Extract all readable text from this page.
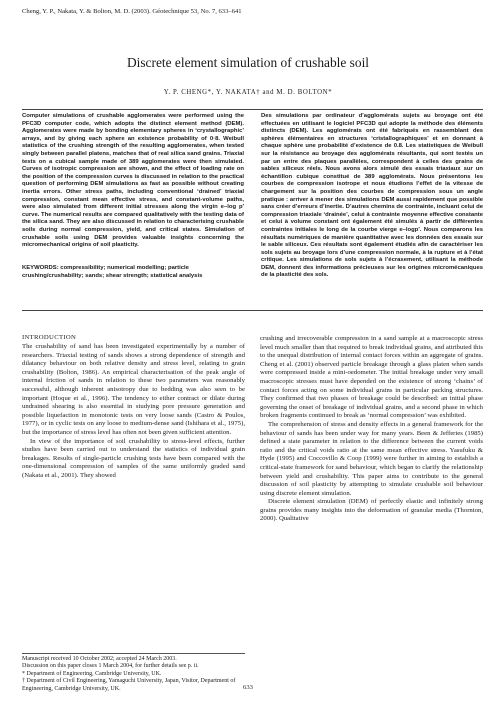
Cheng, Y. P., Nakata, Y. & Bolton, M. D. (2003). Géotechnique 53, No. 7, 633–641
Discrete element simulation of crushable soil
Y. P. CHENG*, Y. NAKATA† and M. D. BOLTON*

Computer simulations of crushable agglomerates were performed using the PFC3D computer code, which adopts the distinct element method (DEM). Agglomerates were made by bonding elementary spheres in ‘crystallographic’ arrays, and by giving each sphere an existence probability of 0·8. Weibull statistics of the crushing strength of the resulting agglomerates, when tested singly between parallel platens, matches that of real silica sand grains. Triaxial tests on a cubical sample made of 389 agglomerates were then simulated. Curves of isotropic compression are shown, and the effect of loading rate on the position of the compression curves is discussed in relation to the practical question of performing DEM simulations as fast as possible without creating inertia errors. Other stress paths, including conventional ‘drained’ triaxial compression, constant mean effective stress, and constant-volume paths, were also simulated from different initial stresses along the virgin e–log p′ curve. The numerical results are compared qualitatively with the testing data of the silica sand. They are also discussed in relation to characterising crushable soils during normal compression, yield, and critical states. Simulation of crushable soils using DEM provides valuable insights concerning the micromechanical origins of soil plasticity.

Des simulations par ordinateur d’agglomérats sujets au broyage ont été effectuées en utilisant le logiciel PFC3D qui adopte la méthode des éléments distincts (DEM). Les agglomérats ont été fabriqués en rassemblant des sphères élémentaires en structures ‘cristallographiques’ et en donnant à chaque sphère une probabilité d’existence de 0.8. Les statistiques de Weibull sur la résistance au broyage des agglomérats résultants, qui sont testés un par un entre des plaques parallèles, correspondent à celles des grains de sables siliceux réels. Nous avons alors simulé des essais triaxiaux sur un échantillon cubique constitué de 389 agglomérats. Nous présentons les courbes de compression isotrope et nous étudions l’effet de la vitesse de chargement sur la position des courbes de compression sous un angle pratique : arriver à mener des simulations DEM aussi rapidement que possible sans créer d’erreurs d’inertie. D’autres chemins de contrainte, incluant celui de compression triaxiale ‘drainée’, celui à contrainte moyenne effective constante et celui à volume constant ont également été simulés à partir de différentes contraintes initiales le long de la courbe vierge e–logp′. Nous comparons les résultats numériques de manière quantitative avec les données des essais sur le sable siliceux. Ces résultats sont également étudiés afin de caractériser les sols sujets au broyage lors d’une compression normale, à la rupture et à l’état critique. Les simulations de sols sujets à l’écrasement, utilisant la méthode DEM, donnent des informations précieuses sur les origines micromécaniques de la plasticité des sols.

KEYWORDS: compressibility; numerical modelling; particle crushing/crushability; sands; shear strength; statistical analysis

INTRODUCTION

The crushability of sand has been investigated experimentally by a number of researchers. Triaxial testing of sands shows a strong dependence of strength and dilatancy behaviour on both relative density and stress level, relating to grain crushability (Bolton, 1986). An empirical characterisation of the peak angle of internal friction of sands in relation to these two parameters was reasonably successful, although inherent anisotropy due to bedding was also seen to be important (Hoque et al., 1996). The tendency to either contract or dilate during undrained shearing is also essential in studying pore pressure generation and possible liquefaction in monotonic tests on very loose sands (Castro & Poulos, 1977), or in cyclic tests on any loose to medium-dense sand (Ishihara et al., 1975), but the importance of stress level has often not been given sufficient attention.

In view of the importance of soil crushability to stress-level effects, further studies have been carried out to understand the statistics of individual grain breakages. Results of single-particle crushing tests have been compared with the one-dimensional compression of samples of the same uniformly graded sand (Nakata et al., 2001). They showed

Manuscript received 10 October 2002; accepted 24 March 2003.
Discussion on this paper closes 1 March 2004, for further details see p. ii.
* Department of Engineering, Cambridge University, UK.
† Department of Civil Engineering, Yamaguchi University, Japan, Visitor, Department of Engineering, Cambridge University, UK.

crushing and irrecoverable compression in a sand sample at a macroscopic stress level much smaller than that required to break individual grains, and attributed this to the unequal distribution of internal contact forces within an aggregate of grains. Cheng et al. (2001) observed particle breakage through a glass platen when sands were compressed inside a mini-oedometer. The initial breakage under very small macroscopic stresses must have depended on the existence of strong ‘chains’ of contact forces acting on some individual grains in particular packing structures. They confirmed that two phases of breakage could be described: an initial phase governing the onset of breakage of individual grains, and a second phase in which broken fragments continued to break as ‘normal compression’ was exhibited.

The comprehension of stress and density effects in a general framework for the behaviour of sands has been under way for many years. Been & Jefferies (1985) defined a state parameter in relation to the difference between the current voids ratio and the critical voids ratio at the same mean effective stress. Yasufuku & Hyde (1995) and Coccovillo & Coop (1999) were further in aiming to establish a critical-state framework for sand behaviour, which began to clarify the relationship between yield and crushability. This paper aims to contribute to the general discussion of soil plasticity by attempting to simulate crushable soil behaviour using discrete element simulation.

Discrete element simulation (DEM) of perfectly elastic and infinitely strong grains provides many insights into the deformation of granular media (Thornton, 2000). Qualitative

633
